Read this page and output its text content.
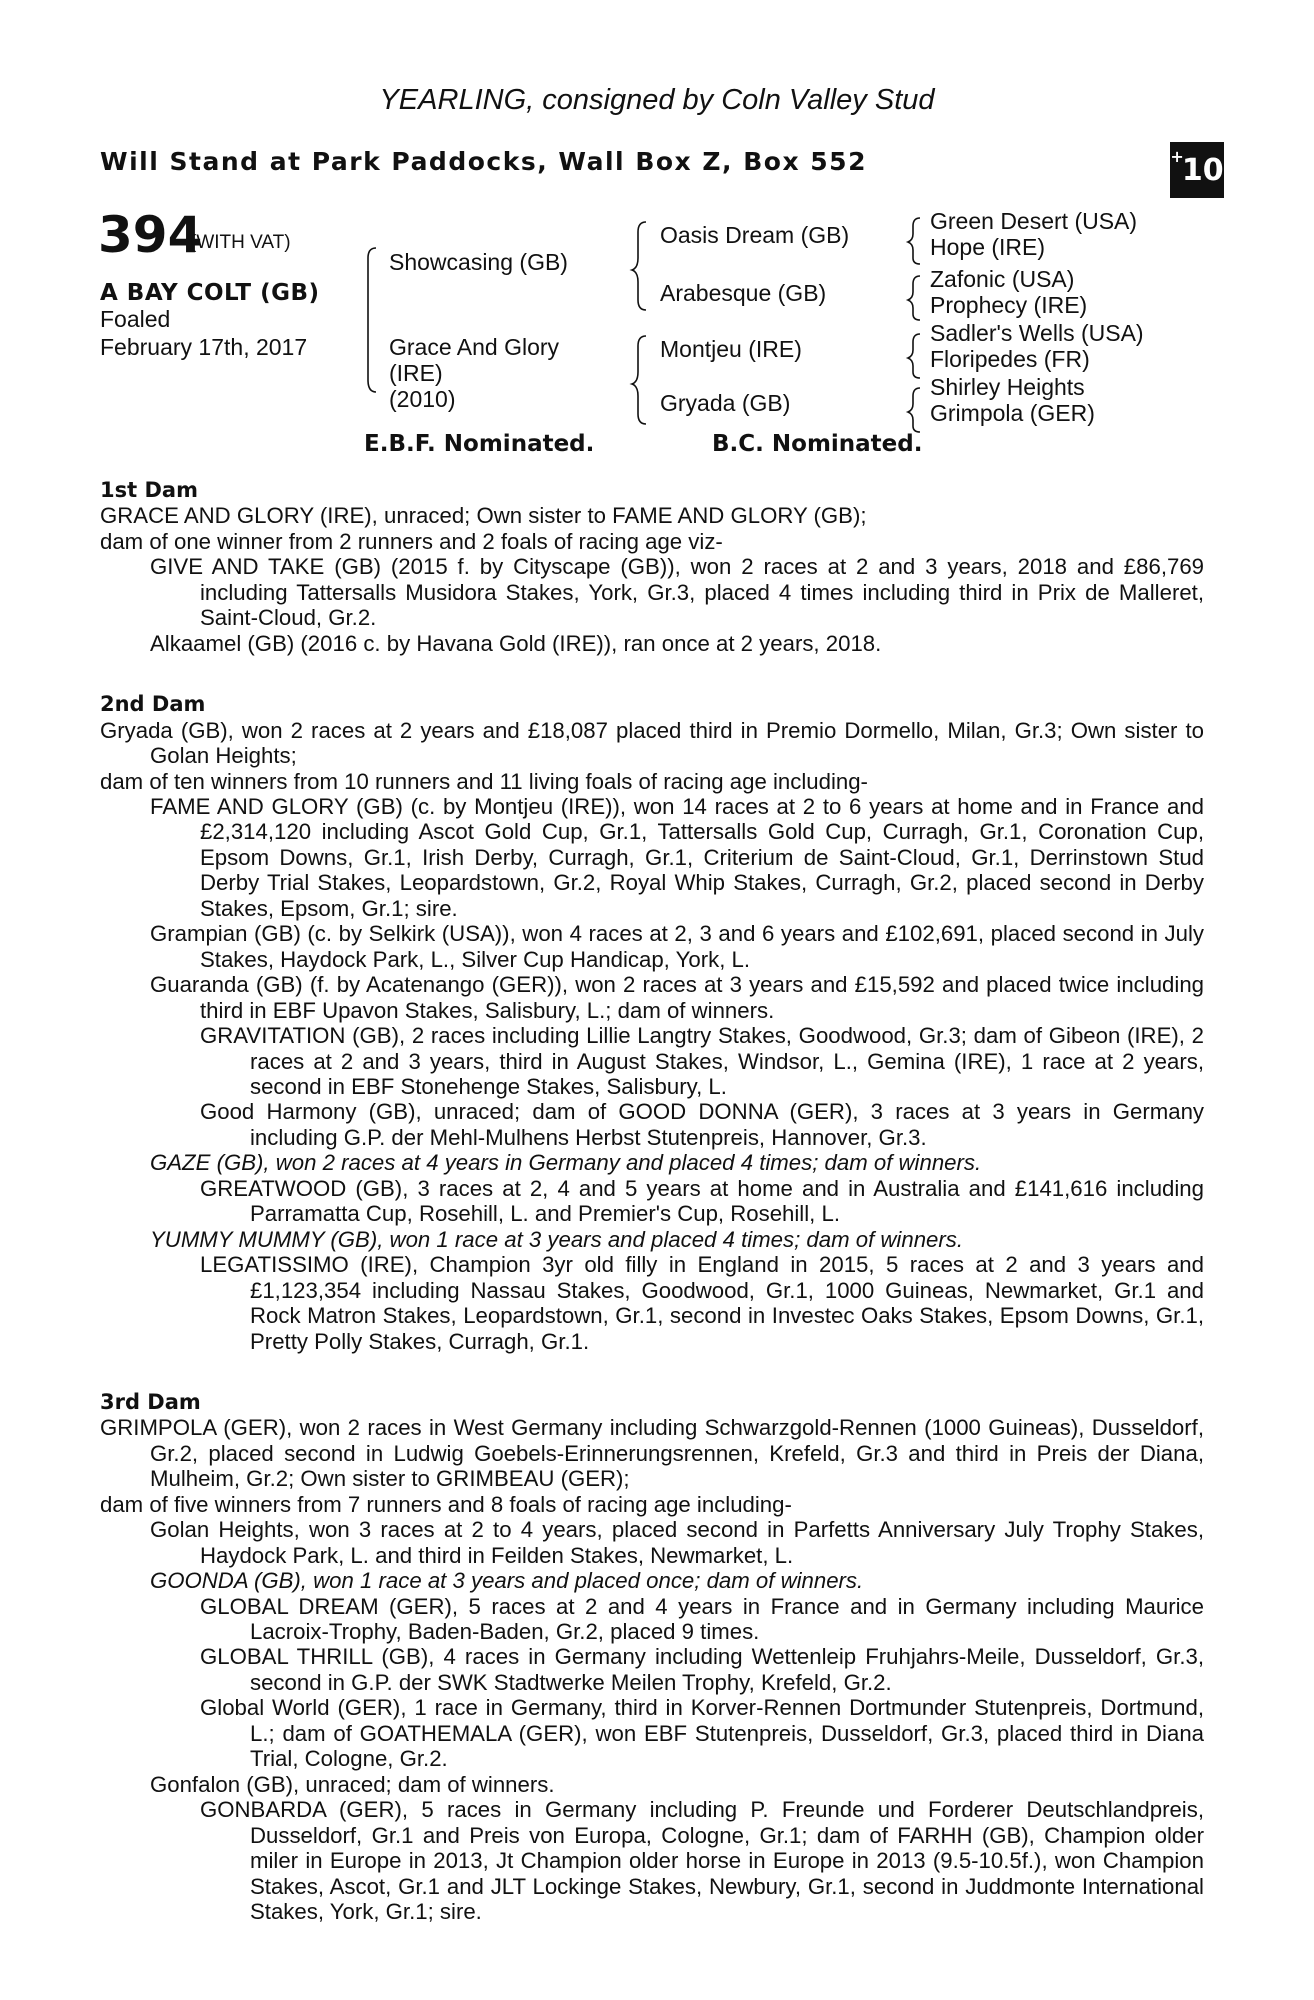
YEARLING, consigned by Coln Valley Stud
Will Stand at Park Paddocks, Wall Box Z, Box 552	+
10
394
(WITH VAT)
A BAY COLT (GB)
Foaled
February 17th, 2017
Showcasing (GB)
Grace And Glory
(IRE)
(2010)
Oasis Dream (GB)
Arabesque (GB)
Montjeu (IRE)
Gryada (GB)
Green Desert (USA)
Hope (IRE)
Zafonic (USA)
Prophecy (IRE)
Sadler's Wells (USA)
Floripedes (FR)
Shirley Heights
Grimpola (GER)
E.B.F. Nominated.	B.C. Nominated.

1st Dam

GRACE AND GLORY (IRE), unraced; Own sister to FAME AND GLORY (GB);

dam of one winner from 2 runners and 2 foals of racing age viz-

GIVE AND TAKE (GB) (2015 f. by Cityscape (GB)), won 2 races at 2 and 3 years, 2018 and £86,769 including Tattersalls Musidora Stakes, York, Gr.3, placed 4 times including third in Prix de Malleret, Saint-Cloud, Gr.2.

Alkaamel (GB) (2016 c. by Havana Gold (IRE)), ran once at 2 years, 2018.

2nd Dam

Gryada (GB), won 2 races at 2 years and £18,087 placed third in Premio Dormello, Milan, Gr.3; Own sister to Golan Heights;

dam of ten winners from 10 runners and 11 living foals of racing age including-

FAME AND GLORY (GB) (c. by Montjeu (IRE)), won 14 races at 2 to 6 years at home and in France and £2,314,120 including Ascot Gold Cup, Gr.1, Tattersalls Gold Cup, Curragh, Gr.1, Coronation Cup, Epsom Downs, Gr.1, Irish Derby, Curragh, Gr.1, Criterium de Saint-Cloud, Gr.1, Derrinstown Stud Derby Trial Stakes, Leopardstown, Gr.2, Royal Whip Stakes, Curragh, Gr.2, placed second in Derby Stakes, Epsom, Gr.1; sire.

Grampian (GB) (c. by Selkirk (USA)), won 4 races at 2, 3 and 6 years and £102,691, placed second in July Stakes, Haydock Park, L., Silver Cup Handicap, York, L.

Guaranda (GB) (f. by Acatenango (GER)), won 2 races at 3 years and £15,592 and placed twice including third in EBF Upavon Stakes, Salisbury, L.; dam of winners.

GRAVITATION (GB), 2 races including Lillie Langtry Stakes, Goodwood, Gr.3; dam of Gibeon (IRE), 2 races at 2 and 3 years, third in August Stakes, Windsor, L., Gemina (IRE), 1 race at 2 years, second in EBF Stonehenge Stakes, Salisbury, L.

Good Harmony (GB), unraced; dam of GOOD DONNA (GER), 3 races at 3 years in Germany including G.P. der Mehl-Mulhens Herbst Stutenpreis, Hannover, Gr.3.

GAZE (GB), won 2 races at 4 years in Germany and placed 4 times; dam of winners.

GREATWOOD (GB), 3 races at 2, 4 and 5 years at home and in Australia and £141,616 including Parramatta Cup, Rosehill, L. and Premier's Cup, Rosehill, L.

YUMMY MUMMY (GB), won 1 race at 3 years and placed 4 times; dam of winners.

LEGATISSIMO (IRE), Champion 3yr old filly in England in 2015, 5 races at 2 and 3 years and £1,123,354 including Nassau Stakes, Goodwood, Gr.1, 1000 Guineas, Newmarket, Gr.1 and Rock Matron Stakes, Leopardstown, Gr.1, second in Investec Oaks Stakes, Epsom Downs, Gr.1, Pretty Polly Stakes, Curragh, Gr.1.

3rd Dam

GRIMPOLA (GER), won 2 races in West Germany including Schwarzgold-Rennen (1000 Guineas), Dusseldorf, Gr.2, placed second in Ludwig Goebels-Erinnerungsrennen, Krefeld, Gr.3 and third in Preis der Diana, Mulheim, Gr.2; Own sister to GRIMBEAU (GER);

dam of five winners from 7 runners and 8 foals of racing age including-

Golan Heights, won 3 races at 2 to 4 years, placed second in Parfetts Anniversary July Trophy Stakes, Haydock Park, L. and third in Feilden Stakes, Newmarket, L.

GOONDA (GB), won 1 race at 3 years and placed once; dam of winners.

GLOBAL DREAM (GER), 5 races at 2 and 4 years in France and in Germany including Maurice Lacroix-Trophy, Baden-Baden, Gr.2, placed 9 times.

GLOBAL THRILL (GB), 4 races in Germany including Wettenleip Fruhjahrs-Meile, Dusseldorf, Gr.3, second in G.P. der SWK Stadtwerke Meilen Trophy, Krefeld, Gr.2.

Global World (GER), 1 race in Germany, third in Korver-Rennen Dortmunder Stutenpreis, Dortmund, L.; dam of GOATHEMALA (GER), won EBF Stutenpreis, Dusseldorf, Gr.3, placed third in Diana Trial, Cologne, Gr.2.

Gonfalon (GB), unraced; dam of winners.

GONBARDA (GER), 5 races in Germany including P. Freunde und Forderer Deutschlandpreis, Dusseldorf, Gr.1 and Preis von Europa, Cologne, Gr.1; dam of FARHH (GB), Champion older miler in Europe in 2013, Jt Champion older horse in Europe in 2013 (9.5-10.5f.), won Champion Stakes, Ascot, Gr.1 and JLT Lockinge Stakes, Newbury, Gr.1, second in Juddmonte International Stakes, York, Gr.1; sire.
